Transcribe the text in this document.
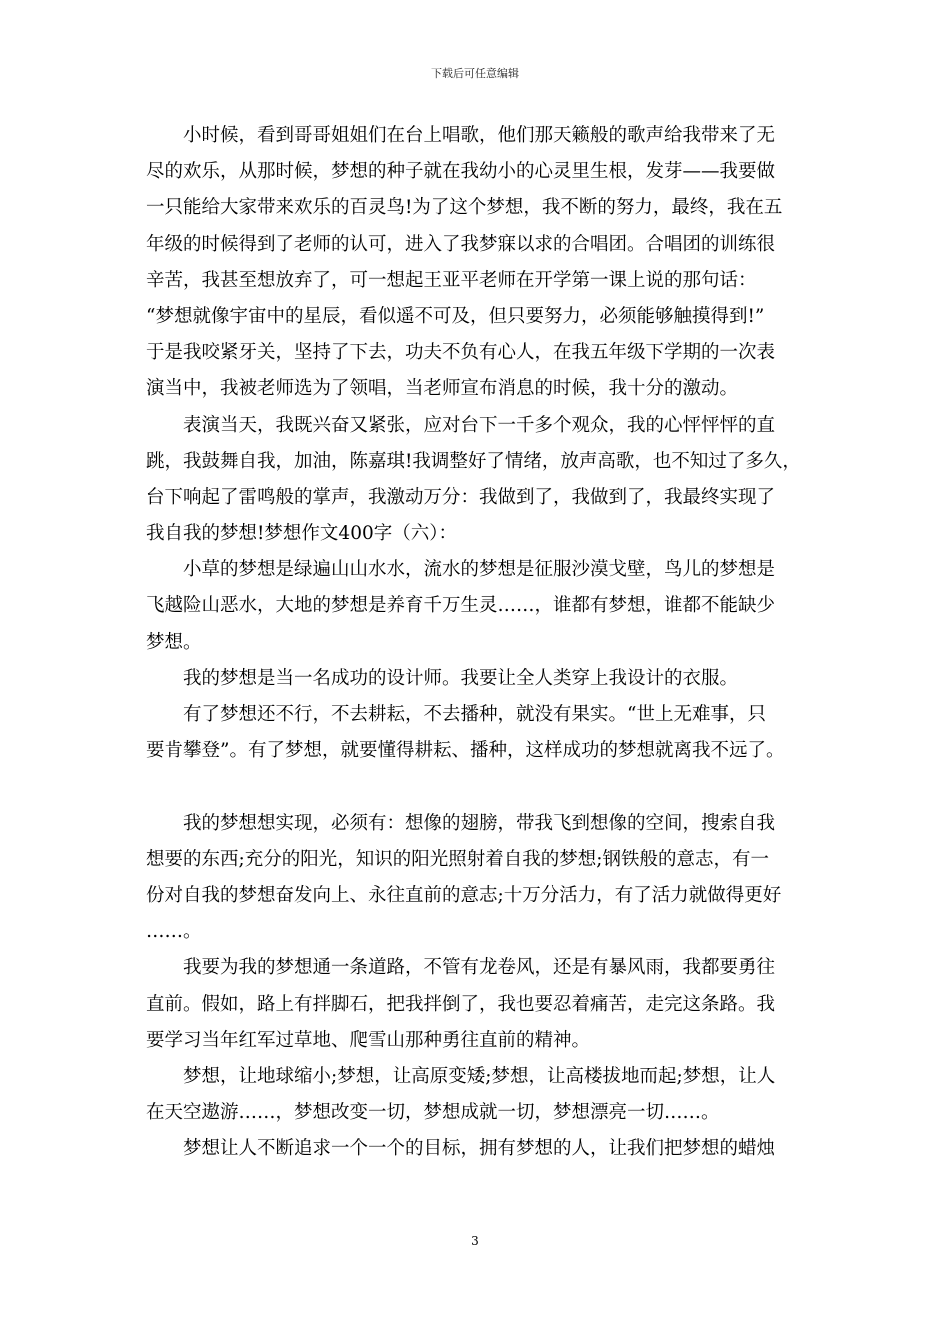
下载后可任意编辑
小时候，看到哥哥姐姐们在台上唱歌，他们那天籁般的歌声给我带来了无
尽的欢乐，从那时候，梦想的种子就在我幼小的心灵里生根，发芽——我要做
一只能给大家带来欢乐的百灵鸟!为了这个梦想，我不断的努力，最终，我在五
年级的时候得到了老师的认可，进入了我梦寐以求的合唱团。合唱团的训练很
辛苦，我甚至想放弃了，可一想起王亚平老师在开学第一课上说的那句话：
“梦想就像宇宙中的星辰，看似遥不可及，但只要努力，必须能够触摸得到!”
于是我咬紧牙关，坚持了下去，功夫不负有心人，在我五年级下学期的一次表
演当中，我被老师选为了领唱，当老师宣布消息的时候，我十分的激动。
表演当天，我既兴奋又紧张，应对台下一千多个观众，我的心怦怦怦的直
跳，我鼓舞自我，加油，陈嘉琪!我调整好了情绪，放声高歌，也不知过了多久，
台下响起了雷鸣般的掌声，我激动万分：我做到了，我做到了，我最终实现了
我自我的梦想!梦想作文400字（六）：
小草的梦想是绿遍山山水水，流水的梦想是征服沙漠戈壁，鸟儿的梦想是
飞越险山恶水，大地的梦想是养育千万生灵……，谁都有梦想，谁都不能缺少
梦想。
我的梦想是当一名成功的设计师。我要让全人类穿上我设计的衣服。
有了梦想还不行，不去耕耘，不去播种，就没有果实。“世上无难事，只
要肯攀登”。有了梦想，就要懂得耕耘、播种，这样成功的梦想就离我不远了。
我的梦想想实现，必须有：想像的翅膀，带我飞到想像的空间，搜索自我
想要的东西;充分的阳光，知识的阳光照射着自我的梦想;钢铁般的意志，有一
份对自我的梦想奋发向上、永往直前的意志;十万分活力，有了活力就做得更好
……。
我要为我的梦想通一条道路，不管有龙卷风，还是有暴风雨，我都要勇往
直前。假如，路上有拌脚石，把我拌倒了，我也要忍着痛苦，走完这条路。我
要学习当年红军过草地、爬雪山那种勇往直前的精神。
梦想，让地球缩小;梦想，让高原变矮;梦想，让高楼拔地而起;梦想，让人
在天空遨游……，梦想改变一切，梦想成就一切，梦想漂亮一切……。
梦想让人不断追求一个一个的目标，拥有梦想的人，让我们把梦想的蜡烛
3
